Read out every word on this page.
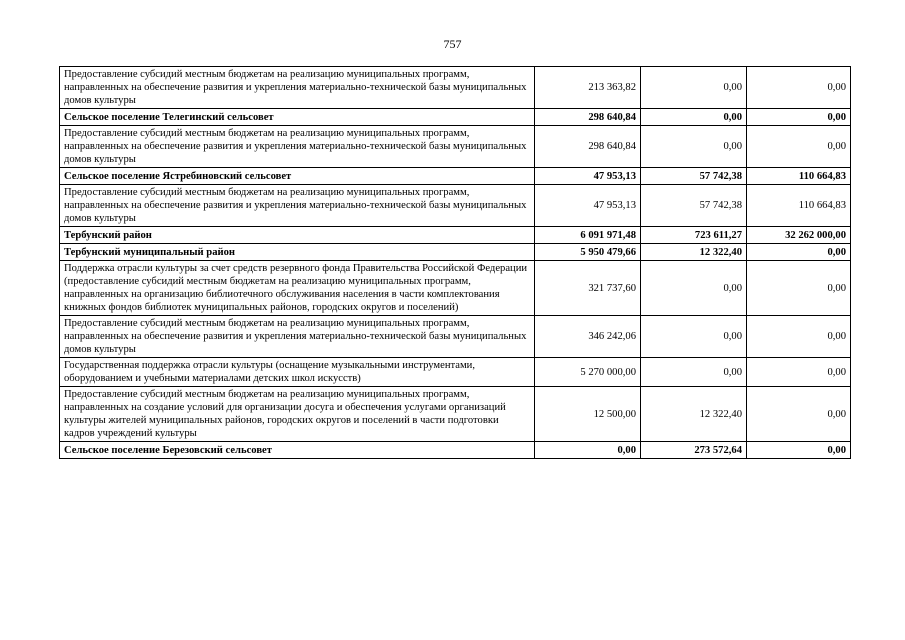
757
Предоставление субсидий местным бюджетам на реализацию муниципальных программ, направленных на обеспечение развития и укрепления материально-технической базы муниципальных домов культуры	213 363,82	0,00	0,00
Сельское поселение Телегинский сельсовет	298 640,84	0,00	0,00
Предоставление субсидий местным бюджетам на реализацию муниципальных программ, направленных на обеспечение развития и укрепления материально-технической базы муниципальных домов культуры	298 640,84	0,00	0,00
Сельское поселение Ястребиновский сельсовет	47 953,13	57 742,38	110 664,83
Предоставление субсидий местным бюджетам на реализацию муниципальных программ, направленных на обеспечение развития и укрепления материально-технической базы муниципальных домов культуры	47 953,13	57 742,38	110 664,83
Тербунский район	6 091 971,48	723 611,27	32 262 000,00
Тербунский муниципальный район	5 950 479,66	12 322,40	0,00
Поддержка отрасли культуры за счет средств резервного фонда Правительства Российской Федерации (предоставление субсидий местным бюджетам на реализацию муниципальных программ, направленных на организацию библиотечного обслуживания населения в части комплектования книжных фондов библиотек муниципальных районов, городских округов и поселений)	321 737,60	0,00	0,00
Предоставление субсидий местным бюджетам на реализацию муниципальных программ, направленных на обеспечение развития и укрепления материально-технической базы муниципальных домов культуры	346 242,06	0,00	0,00
Государственная поддержка отрасли культуры (оснащение музыкальными инструментами, оборудованием и учебными материалами детских школ искусств)	5 270 000,00	0,00	0,00
Предоставление субсидий местным бюджетам на реализацию муниципальных программ, направленных на создание условий для организации досуга и обеспечения услугами организаций культуры жителей муниципальных районов, городских округов и поселений в части подготовки кадров учреждений культуры	12 500,00	12 322,40	0,00
Сельское поселение Березовский сельсовет	0,00	273 572,64	0,00
